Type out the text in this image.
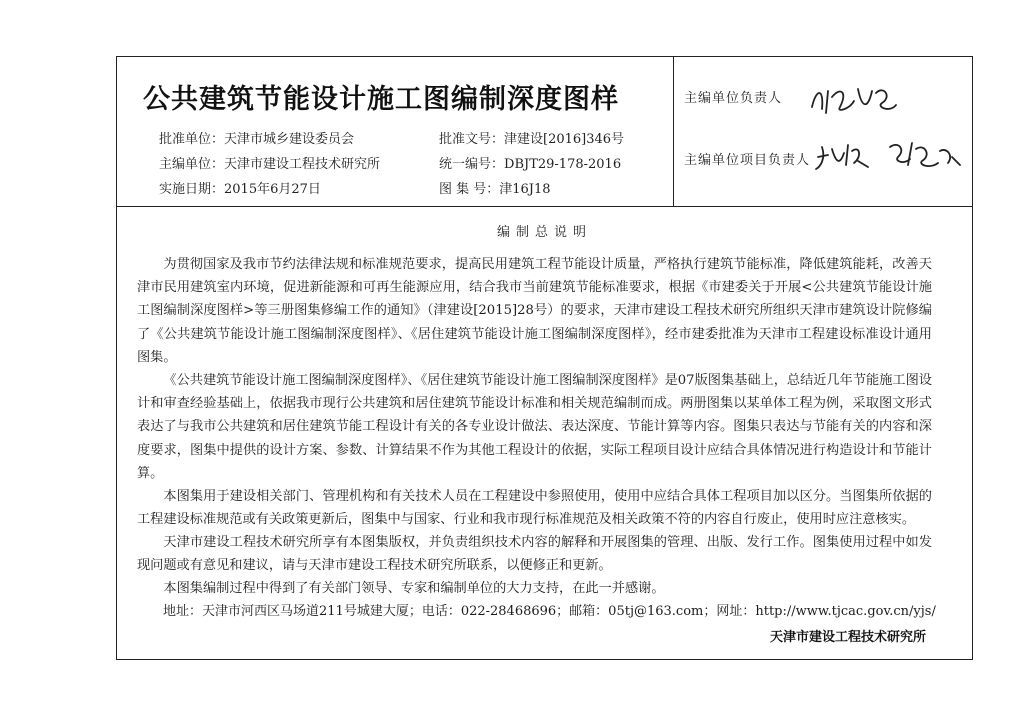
公共建筑节能设计施工图编制深度图样
批准单位：天津市城乡建设委员会	批准文号：津建设[2016]346号
主编单位：天津市建设工程技术研究所	统一编号：DBJT29-178-2016
实施日期：2015年6月27日	图 集 号：津16J18
主编单位负责人
主编单位项目负责人
编制总说明

为贯彻国家及我市节约法律法规和标准规范要求，提高民用建筑工程节能设计质量，严格执行建筑节能标准，降低建筑能耗，改善天津市民用建筑室内环境，促进新能源和可再生能源应用，结合我市当前建筑节能标准要求，根据《市建委关于开展<公共建筑节能设计施工图编制深度图样>等三册图集修编工作的通知》（津建设[2015]28号）的要求，天津市建设工程技术研究所组织天津市建筑设计院修编了《公共建筑节能设计施工图编制深度图样》、《居住建筑节能设计施工图编制深度图样》，经市建委批准为天津市工程建设标准设计通用图集。

《公共建筑节能设计施工图编制深度图样》、《居住建筑节能设计施工图编制深度图样》是07版图集基础上，总结近几年节能施工图设计和审查经验基础上，依据我市现行公共建筑和居住建筑节能设计标准和相关规范编制而成。两册图集以某单体工程为例，采取图文形式表达了与我市公共建筑和居住建筑节能工程设计有关的各专业设计做法、表达深度、节能计算等内容。图集只表达与节能有关的内容和深度要求，图集中提供的设计方案、参数、计算结果不作为其他工程设计的依据，实际工程项目设计应结合具体情况进行构造设计和节能计算。

本图集用于建设相关部门、管理机构和有关技术人员在工程建设中参照使用，使用中应结合具体工程项目加以区分。当图集所依据的工程建设标准规范或有关政策更新后，图集中与国家、行业和我市现行标准规范及相关政策不符的内容自行废止，使用时应注意核实。

天津市建设工程技术研究所享有本图集版权，并负责组织技术内容的解释和开展图集的管理、出版、发行工作。图集使用过程中如发现问题或有意见和建议，请与天津市建设工程技术研究所联系，以便修正和更新。

本图集编制过程中得到了有关部门领导、专家和编制单位的大力支持，在此一并感谢。

地址：天津市河西区马场道211号城建大厦；电话：022-28468696；邮箱：05tj@163.com；网址：http://www.tjcac.gov.cn/yjs/
天津市建设工程技术研究所
